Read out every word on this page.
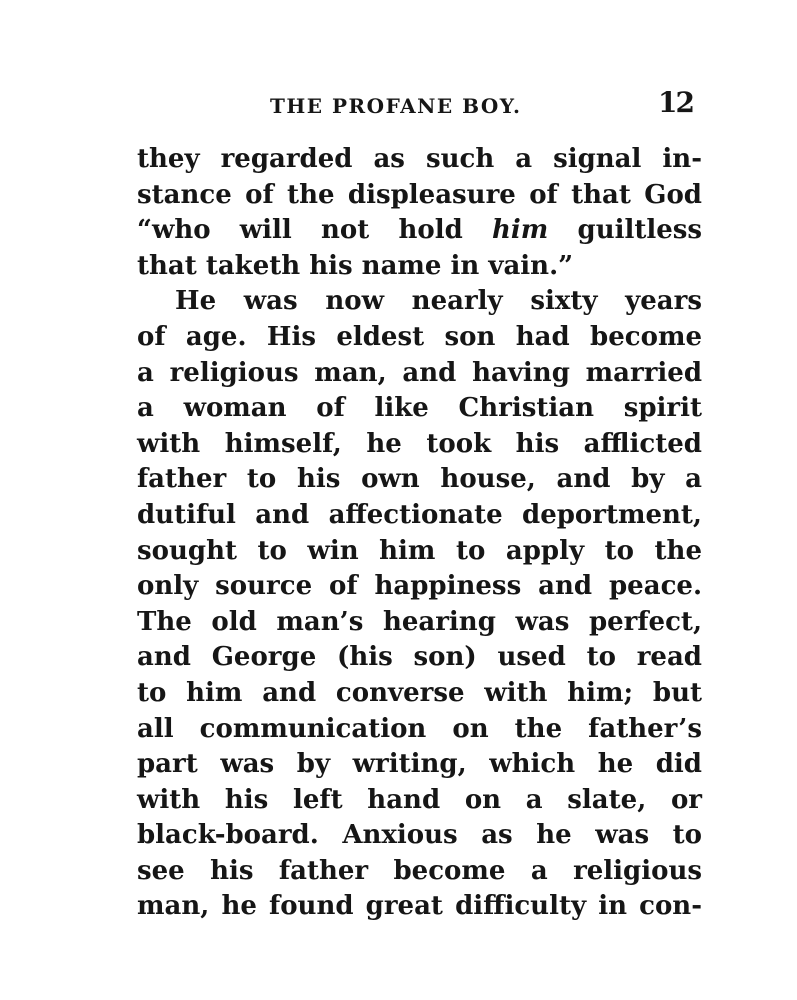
THE PROFANE BOY.	12
they regarded as such a signal in-
stance of the displeasure of that God
“who will not hold him guiltless
that taketh his name in vain.”
He was now nearly sixty years
of age. His eldest son had become
a religious man, and having married
a woman of like Christian spirit
with himself, he took his afflicted
father to his own house, and by a
dutiful and affectionate deportment,
sought to win him to apply to the
only source of happiness and peace.
The old man’s hearing was perfect,
and George (his son) used to read
to him and converse with him; but
all communication on the father’s
part was by writing, which he did
with his left hand on a slate, or
black-board. Anxious as he was to
see his father become a religious
man, he found great difficulty in con-
